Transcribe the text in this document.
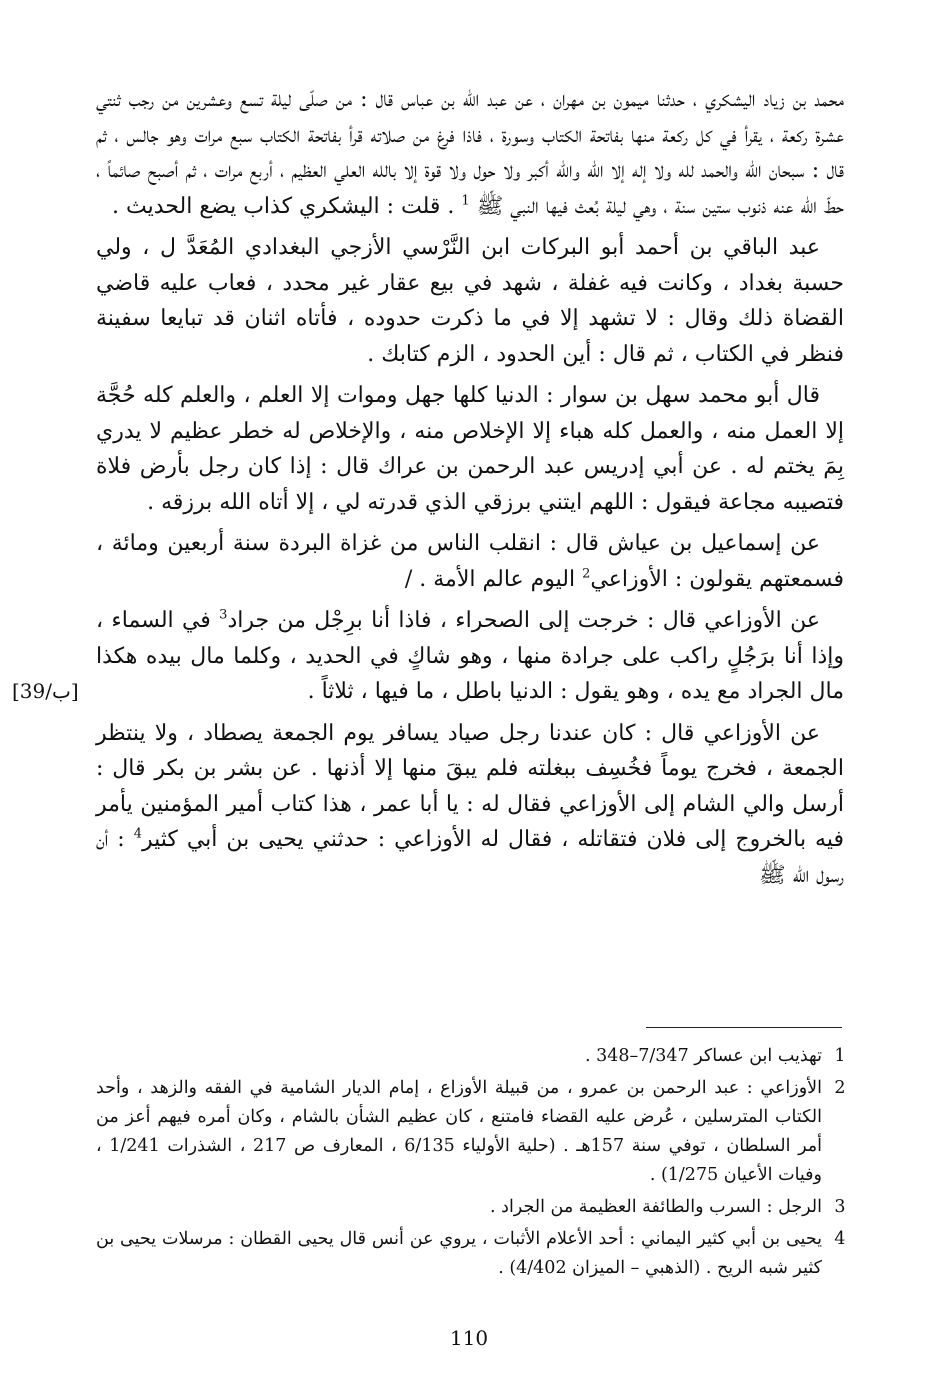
محمد بن زياد اليشكري ، حدثنا ميمون بن مهران ، عن عبد الله بن عباس قال : من صلّى ليلة تسع وعشرين من رجب ثنتي عشرة ركعة ، يقرأ في كل ركعة منها بفاتحة الكتاب وسورة ، فاذا فرغ من صلاته قرأ بفاتحة الكتاب سبع مرات وهو جالس ، ثم قال : سبحان الله والحمد لله ولا إله إلا الله والله أكبر ولا حول ولا قوة إلا بالله العلي العظيم ، أربع مرات ، ثم أصبح صائماً ، حطّ الله عنه ذنوب ستين سنة ، وهي ليلة بُعث فيها النبي ﷺ $^1$ . قلت : اليشكري كذاب يضع الحديث .

عبد الباقي بن أحمد أبو البركات ابن النَّرْسي الأزجي البغدادي المُعَدَّ ل ، ولي حسبة بغداد ، وكانت فيه غفلة ، شهد في بيع عقار غير محدد ، فعاب عليه قاضي القضاة ذلك وقال : لا تشهد إلا في ما ذكرت حدوده ، فأتاه اثنان قد تبايعا سفينة فنظر في الكتاب ، ثم قال : أين الحدود ، الزم كتابك .

قال أبو محمد سهل بن سوار : الدنيا كلها جهل وموات إلا العلم ، والعلم كله حُجَّة إلا العمل منه ، والعمل كله هباء إلا الإخلاص منه ، والإخلاص له خطر عظيم لا يدري بِمَ يختم له . عن أبي إدريس عبد الرحمن بن عراك قال : إذا كان رجل بأرض فلاة فتصيبه مجاعة فيقول : اللهم ايتني برزقي الذي قدرته لي ، إلا أتاه الله برزقه .

عن إسماعيل بن عياش قال : انقلب الناس من غزاة البردة سنة أربعين ومائة ، فسمعتهم يقولون : الأوزاعي$^2$ اليوم عالم الأمة . /

عن الأوزاعي قال : خرجت إلى الصحراء ، فاذا أنا برِجْل من جراد$^3$ في السماء ، وإذا أنا برَجُلٍ راكب على جرادة منها ، وهو شاكٍ في الحديد ، وكلما مال بيده هكذا مال الجراد مع يده ، وهو يقول : الدنيا باطل ، ما فيها ، ثلاثاً .

عن الأوزاعي قال : كان عندنا رجل صياد يسافر يوم الجمعة يصطاد ، ولا ينتظر الجمعة ، فخرج يوماً فخُسِف ببغلته فلم يبقَ منها إلا أذنها . عن بشر بن بكر قال : أرسل والي الشام إلى الأوزاعي فقال له : يا أبا عمر ، هذا كتاب أمير المؤمنين يأمر فيه بالخروج إلى فلان فتقاتله ، فقال له الأوزاعي : حدثني يحيى بن أبي كثير$^4$ : أن رسول الله ﷺ

[39/ب]
1
تهذيب ابن عساكر 7/347–348 .
2
الأوزاعي : عبد الرحمن بن عمرو ، من قبيلة الأوزاع ، إمام الديار الشامية في الفقه والزهد ، وأحد الكتاب المترسلين ، عُرض عليه القضاء فامتنع ، كان عظيم الشأن بالشام ، وكان أمره فيهم أعز من أمر السلطان ، توفي سنة 157هـ . (حلية الأولياء 6/135 ، المعارف ص 217 ، الشذرات 1/241 ، وفيات الأعيان 1/275) .
3
الرجل : السرب والطائفة العظيمة من الجراد .
4
يحيى بن أبي كثير اليماني : أحد الأعلام الأثبات ، يروي عن أنس قال يحيى القطان : مرسلات يحيى بن كثير شبه الريح . (الذهبي – الميزان 4/402) .
110
